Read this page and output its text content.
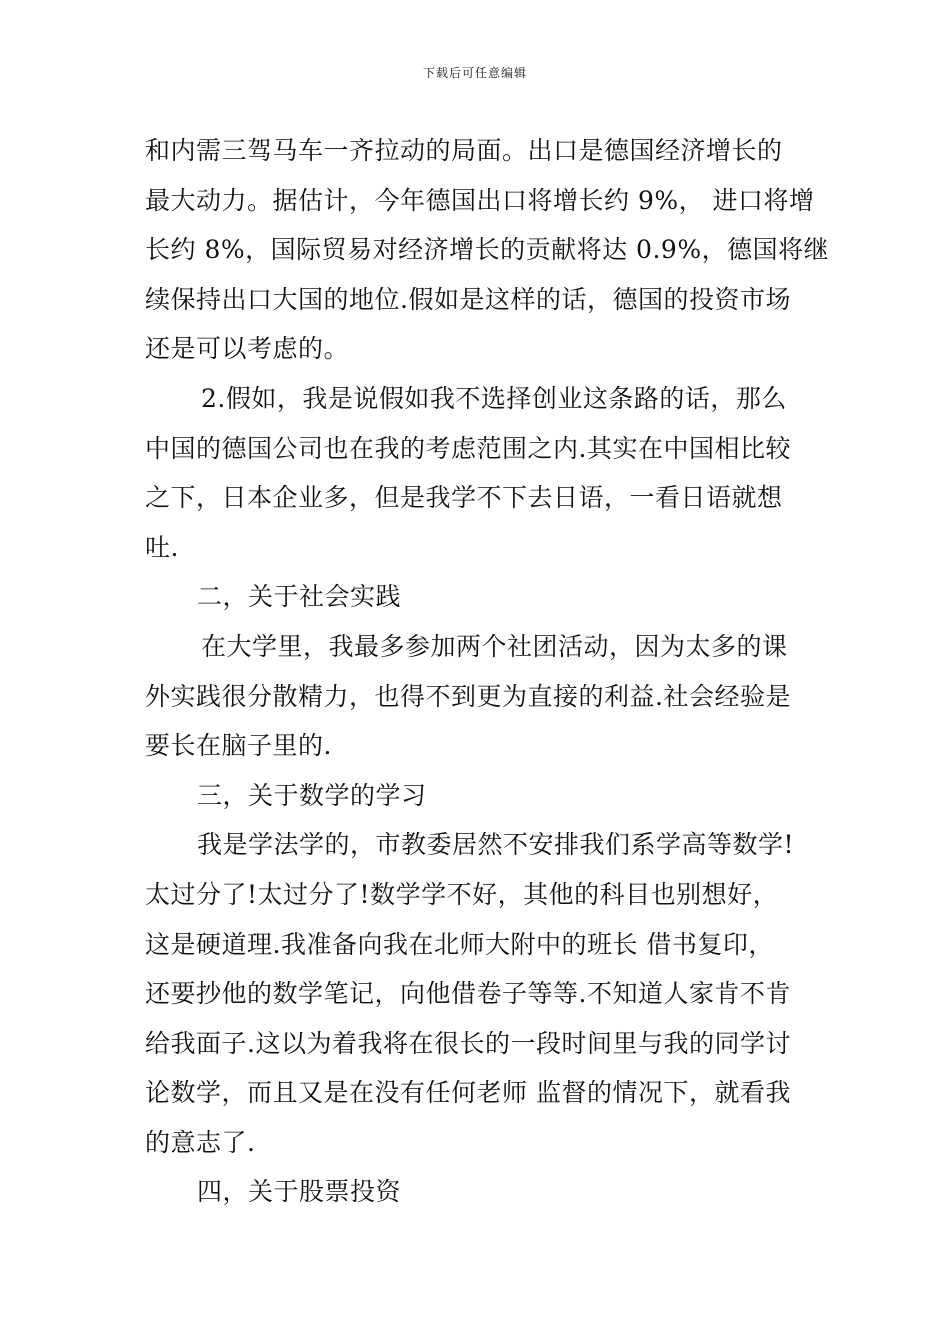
下载后可任意编辑
和内需三驾马车一齐拉动的局面。出口是德国经济增长的
最大动力。据估计，今年德国出口将增长约 9%， 进口将增
长约 8%，国际贸易对经济增长的贡献将达 0.9%，德国将继
续保持出口大国的地位.假如是这样的话，德国的投资市场
还是可以考虑的。
2.假如，我是说假如我不选择创业这条路的话，那么
中国的德国公司也在我的考虑范围之内.其实在中国相比较
之下，日本企业多，但是我学不下去日语，一看日语就想
吐.
二，关于社会实践
在大学里，我最多参加两个社团活动，因为太多的课
外实践很分散精力，也得不到更为直接的利益.社会经验是
要长在脑子里的.
三，关于数学的学习
我是学法学的，市教委居然不安排我们系学高等数学!
太过分了!太过分了!数学学不好，其他的科目也别想好，
这是硬道理.我准备向我在北师大附中的班长 借书复印，
还要抄他的数学笔记，向他借卷子等等.不知道人家肯不肯
给我面子.这以为着我将在很长的一段时间里与我的同学讨
论数学，而且又是在没有任何老师 监督的情况下，就看我
的意志了.
四，关于股票投资
